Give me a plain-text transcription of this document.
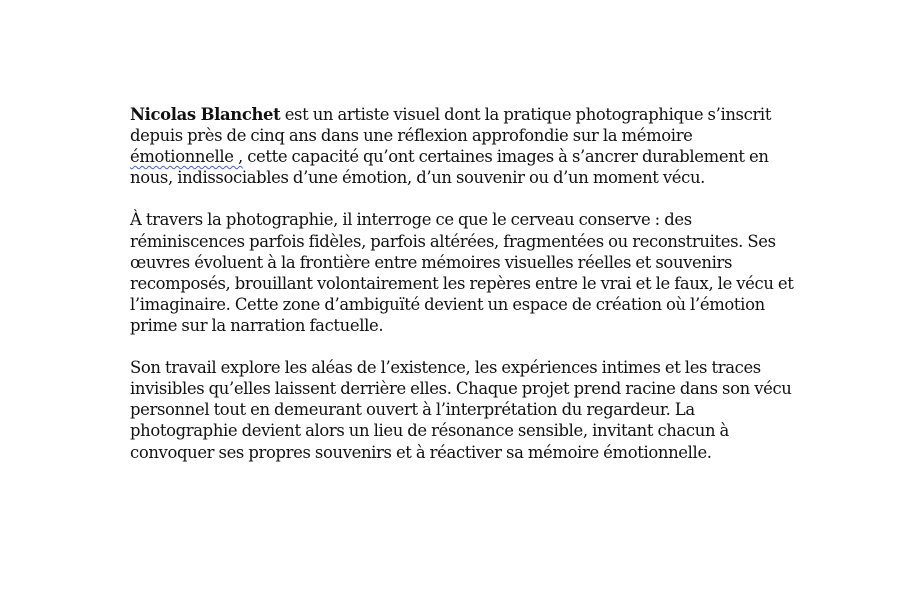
Nicolas Blanchet est un artiste visuel dont la pratique photographique s’inscrit
depuis près de cinq ans dans une réflexion approfondie sur la mémoire
émotionnelle , cette capacité qu’ont certaines images à s’ancrer durablement en
nous, indissociables d’une émotion, d’un souvenir ou d’un moment vécu.
À travers la photographie, il interroge ce que le cerveau conserve : des
réminiscences parfois fidèles, parfois altérées, fragmentées ou reconstruites. Ses
œuvres évoluent à la frontière entre mémoires visuelles réelles et souvenirs
recomposés, brouillant volontairement les repères entre le vrai et le faux, le vécu et
l’imaginaire. Cette zone d’ambiguïté devient un espace de création où l’émotion
prime sur la narration factuelle.
Son travail explore les aléas de l’existence, les expériences intimes et les traces
invisibles qu’elles laissent derrière elles. Chaque projet prend racine dans son vécu
personnel tout en demeurant ouvert à l’interprétation du regardeur. La
photographie devient alors un lieu de résonance sensible, invitant chacun à
convoquer ses propres souvenirs et à réactiver sa mémoire émotionnelle.
